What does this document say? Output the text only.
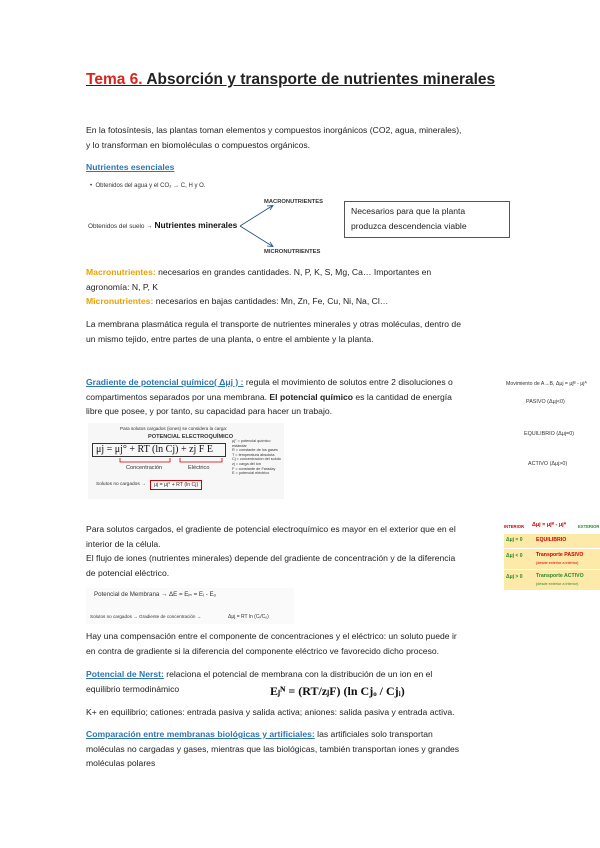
Tema 6. Absorción y transporte de nutrientes minerales
En la fotosíntesis, las plantas toman elementos y compuestos inorgánicos (CO2, agua, minerales),
y lo transforman en biomoléculas o compuestos orgánicos.
Nutrientes esenciales
•  Obtenidos del agua y el CO₂ → C, H y O.
Obtenidos del suelo → Nutrientes minerales
MACRONUTRIENTES
MICRONUTRIENTES
Necesarios para que la planta
produzca descendencia viable
Macronutrientes: necesarios en grandes cantidades. N, P, K, S, Mg, Ca… Importantes en
agronomía: N, P, K
Micronutrientes: necesarios en bajas cantidades: Mn, Zn, Fe, Cu, Ni, Na, Cl…
La membrana plasmática regula el transporte de nutrientes minerales y otras moléculas, dentro de
un mismo tejido, entre partes de una planta, o entre el ambiente y la planta.
Gradiente de potencial químico( Δμj ) : regula el movimiento de solutos entre 2 disoluciones o
compartimentos separados por una membrana. El potencial químico es la cantidad de energía
libre que posee, y por tanto, su capacidad para hacer un trabajo.
Movimiento de A→B, Δμj = μjᴮ - μjᴬ
PASIVO (Δμj<0)
EQUILIBRIO (Δμj=0)
ACTIVO (Δμj>0)
Para solutos cargados (iones) se considera la carga:
POTENCIAL ELECTROQUÍMICO
μj = μj° + RT (ln Cj) + zj F E
Concentración	Eléctrico
μj° = potencial químico estándar
R = constante de los gases
T = temperatura absoluta
Cj = concentración del soluto
zj = carga del ion
F = constante de Faraday
E = potencial eléctrico
Solutos no cargados →	μj = μj° + RT (ln Cj)
Para solutos cargados, el gradiente de potencial electroquímico es mayor en el exterior que en el
interior de la célula.
El flujo de iones (nutrientes minerales) depende del gradiente de concentración y de la diferencia
de potencial eléctrico.
INTERIOR Δμj = μjᴮ - μjᴬ	EXTERIOR
Δμj = 0	EQUILIBRIO
Δμj < 0	Transporte PASIVO
(desde exterior a interior)
Δμj > 0	Transporte ACTIVO
(desde exterior a interior)
Potencial de Membrana → ΔE = Eᵢₙ = Eᵢ - Eₒ
Solutos no cargados → Gradiente de concentración →	Δμj = RT ln (Cᵢ/Cₒ)
Hay una compensación entre el componente de concentraciones y el eléctrico: un soluto puede ir
en contra de gradiente si la diferencia del componente eléctrico ve favorecido dicho proceso.
Potencial de Nerst: relaciona el potencial de membrana con la distribución de un ion en el
equilibrio termodinámico	Eⱼᴺ = (RT/zⱼF) (ln Cjₒ / Cjᵢ)
K+ en equilibrio; cationes: entrada pasiva y salida activa; aniones: salida pasiva y entrada activa.
Comparación entre membranas biológicas y artificiales: las artificiales solo transportan
moléculas no cargadas y gases, mientras que las biológicas, también transportan iones y grandes
moléculas polares
